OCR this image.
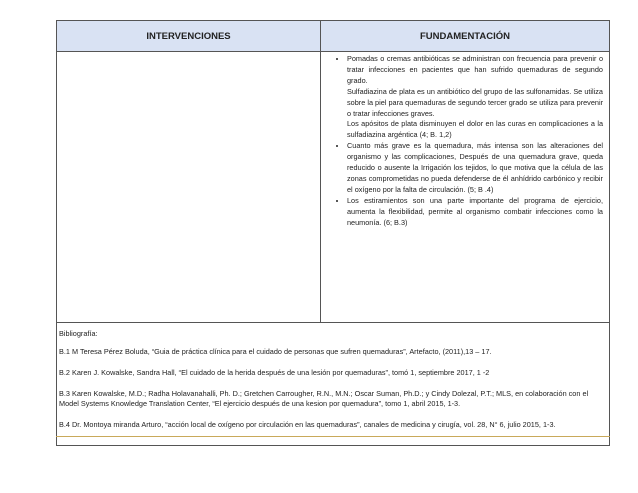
INTERVENCIONES	FUNDAMENTACIÓN
• Pomadas o cremas antibióticas se administran con frecuencia para prevenir o tratar infecciones en pacientes que han sufrido quemaduras de segundo grado.
Sulfadiazina de plata es un antibiótico del grupo de las sulfonamidas. Se utiliza sobre la piel para quemaduras de segundo tercer grado se utiliza para prevenir o tratar infecciones graves.
Los apósitos de plata disminuyen el dolor en las curas en complicaciones a la sulfadiazina argéntica (4; B. 1,2)
• Cuanto más grave es la quemadura, más intensa son las alteraciones del organismo y las complicaciones, Después de una quemadura grave, queda reducido o ausente la Irrigación los tejidos, lo que motiva que la célula de las zonas comprometidas no pueda defenderse de él anhídrido carbónico y recibir el oxígeno por la falta de circulación. (5; B .4)
• Los estiramientos son una parte importante del programa de ejercicio, aumenta la flexibilidad, permite al organismo combatir infecciones como la neumonía. (6; B.3)

Bibliografía:

B.1 M Teresa Pérez Boluda, “Guia de práctica clínica para el cuidado de personas que sufren quemaduras”, Artefacto, (2011),13 – 17.

B.2 Karen J. Kowalske, Sandra Hall, “El cuidado de la herida después de una lesión por quemaduras”, tomó 1, septiembre 2017, 1 -2

B.3 Karen Kowalske, M.D.; Radha Holavanahalli, Ph. D.; Gretchen Carrougher, R.N., M.N.; Oscar Suman, Ph.D.; y Cindy Dolezal, P.T.; MLS, en colaboración con el Model Systems Knowledge Translation Center, “El ejercicio después de una kesion por quemadura”, tomo 1, abril 2015, 1-3.

B.4 Dr. Montoya miranda Arturo, “acción local de oxígeno por circulación en las quemaduras”, canales de medicina y cirugía, vol. 28, N° 6, julio 2015, 1-3.
